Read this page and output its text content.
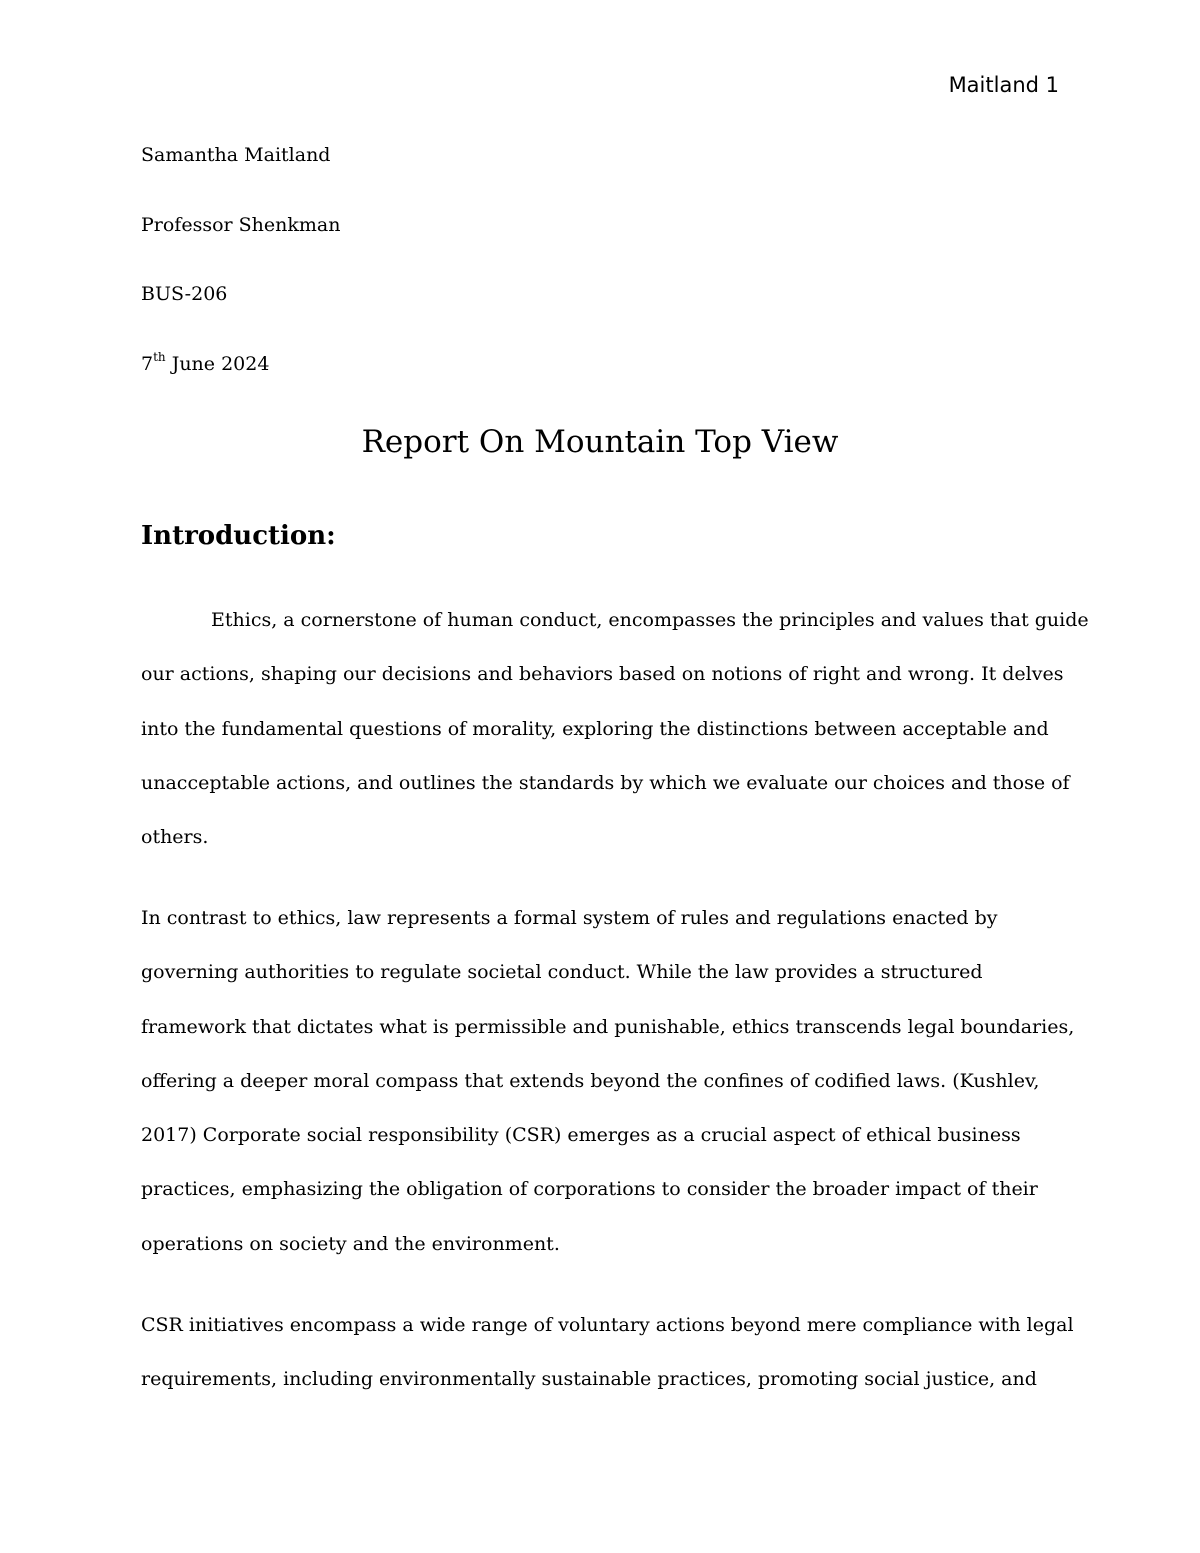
Maitland 1
Samantha Maitland
Professor Shenkman
BUS-206
7th June 2024
Report On Mountain Top View
Introduction:
Ethics, a cornerstone of human conduct, encompasses the principles and values that guide
our actions, shaping our decisions and behaviors based on notions of right and wrong. It delves
into the fundamental questions of morality, exploring the distinctions between acceptable and
unacceptable actions, and outlines the standards by which we evaluate our choices and those of
others.
In contrast to ethics, law represents a formal system of rules and regulations enacted by
governing authorities to regulate societal conduct. While the law provides a structured
framework that dictates what is permissible and punishable, ethics transcends legal boundaries,
offering a deeper moral compass that extends beyond the confines of codified laws. (Kushlev,
2017) Corporate social responsibility (CSR) emerges as a crucial aspect of ethical business
practices, emphasizing the obligation of corporations to consider the broader impact of their
operations on society and the environment.
CSR initiatives encompass a wide range of voluntary actions beyond mere compliance with legal
requirements, including environmentally sustainable practices, promoting social justice, and
